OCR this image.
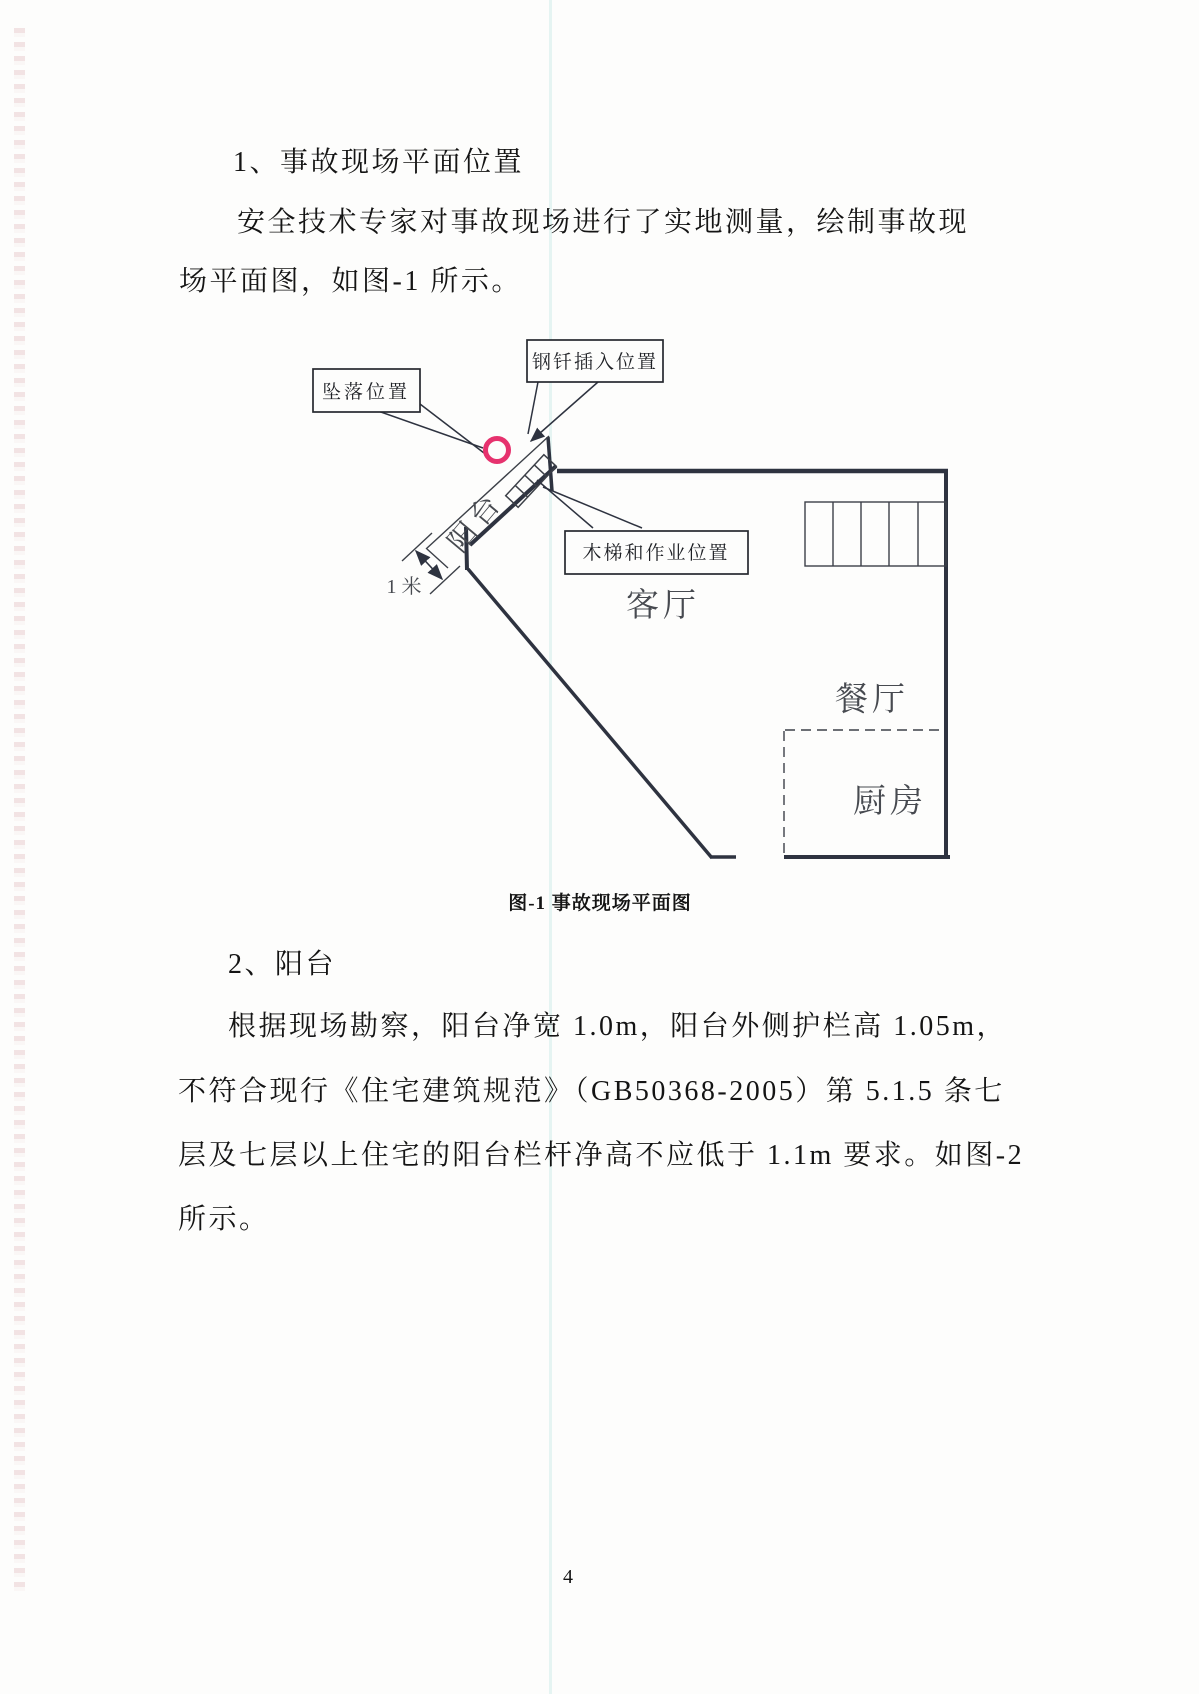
1、事故现场平面位置
安全技术专家对事故现场进行了实地测量，绘制事故现
场平面图，如图-1 所示。
1 米
坠落位置
钢钎插入位置
木梯和作业位置
阳台
客厅
餐厅
厨房
图-1 事故现场平面图
2、阳台
根据现场勘察，阳台净宽 1.0m，阳台外侧护栏高 1.05m，
不符合现行《住宅建筑规范》（GB50368-2005）第 5.1.5 条七
层及七层以上住宅的阳台栏杆净高不应低于 1.1m 要求。如图-2
所示。
4
